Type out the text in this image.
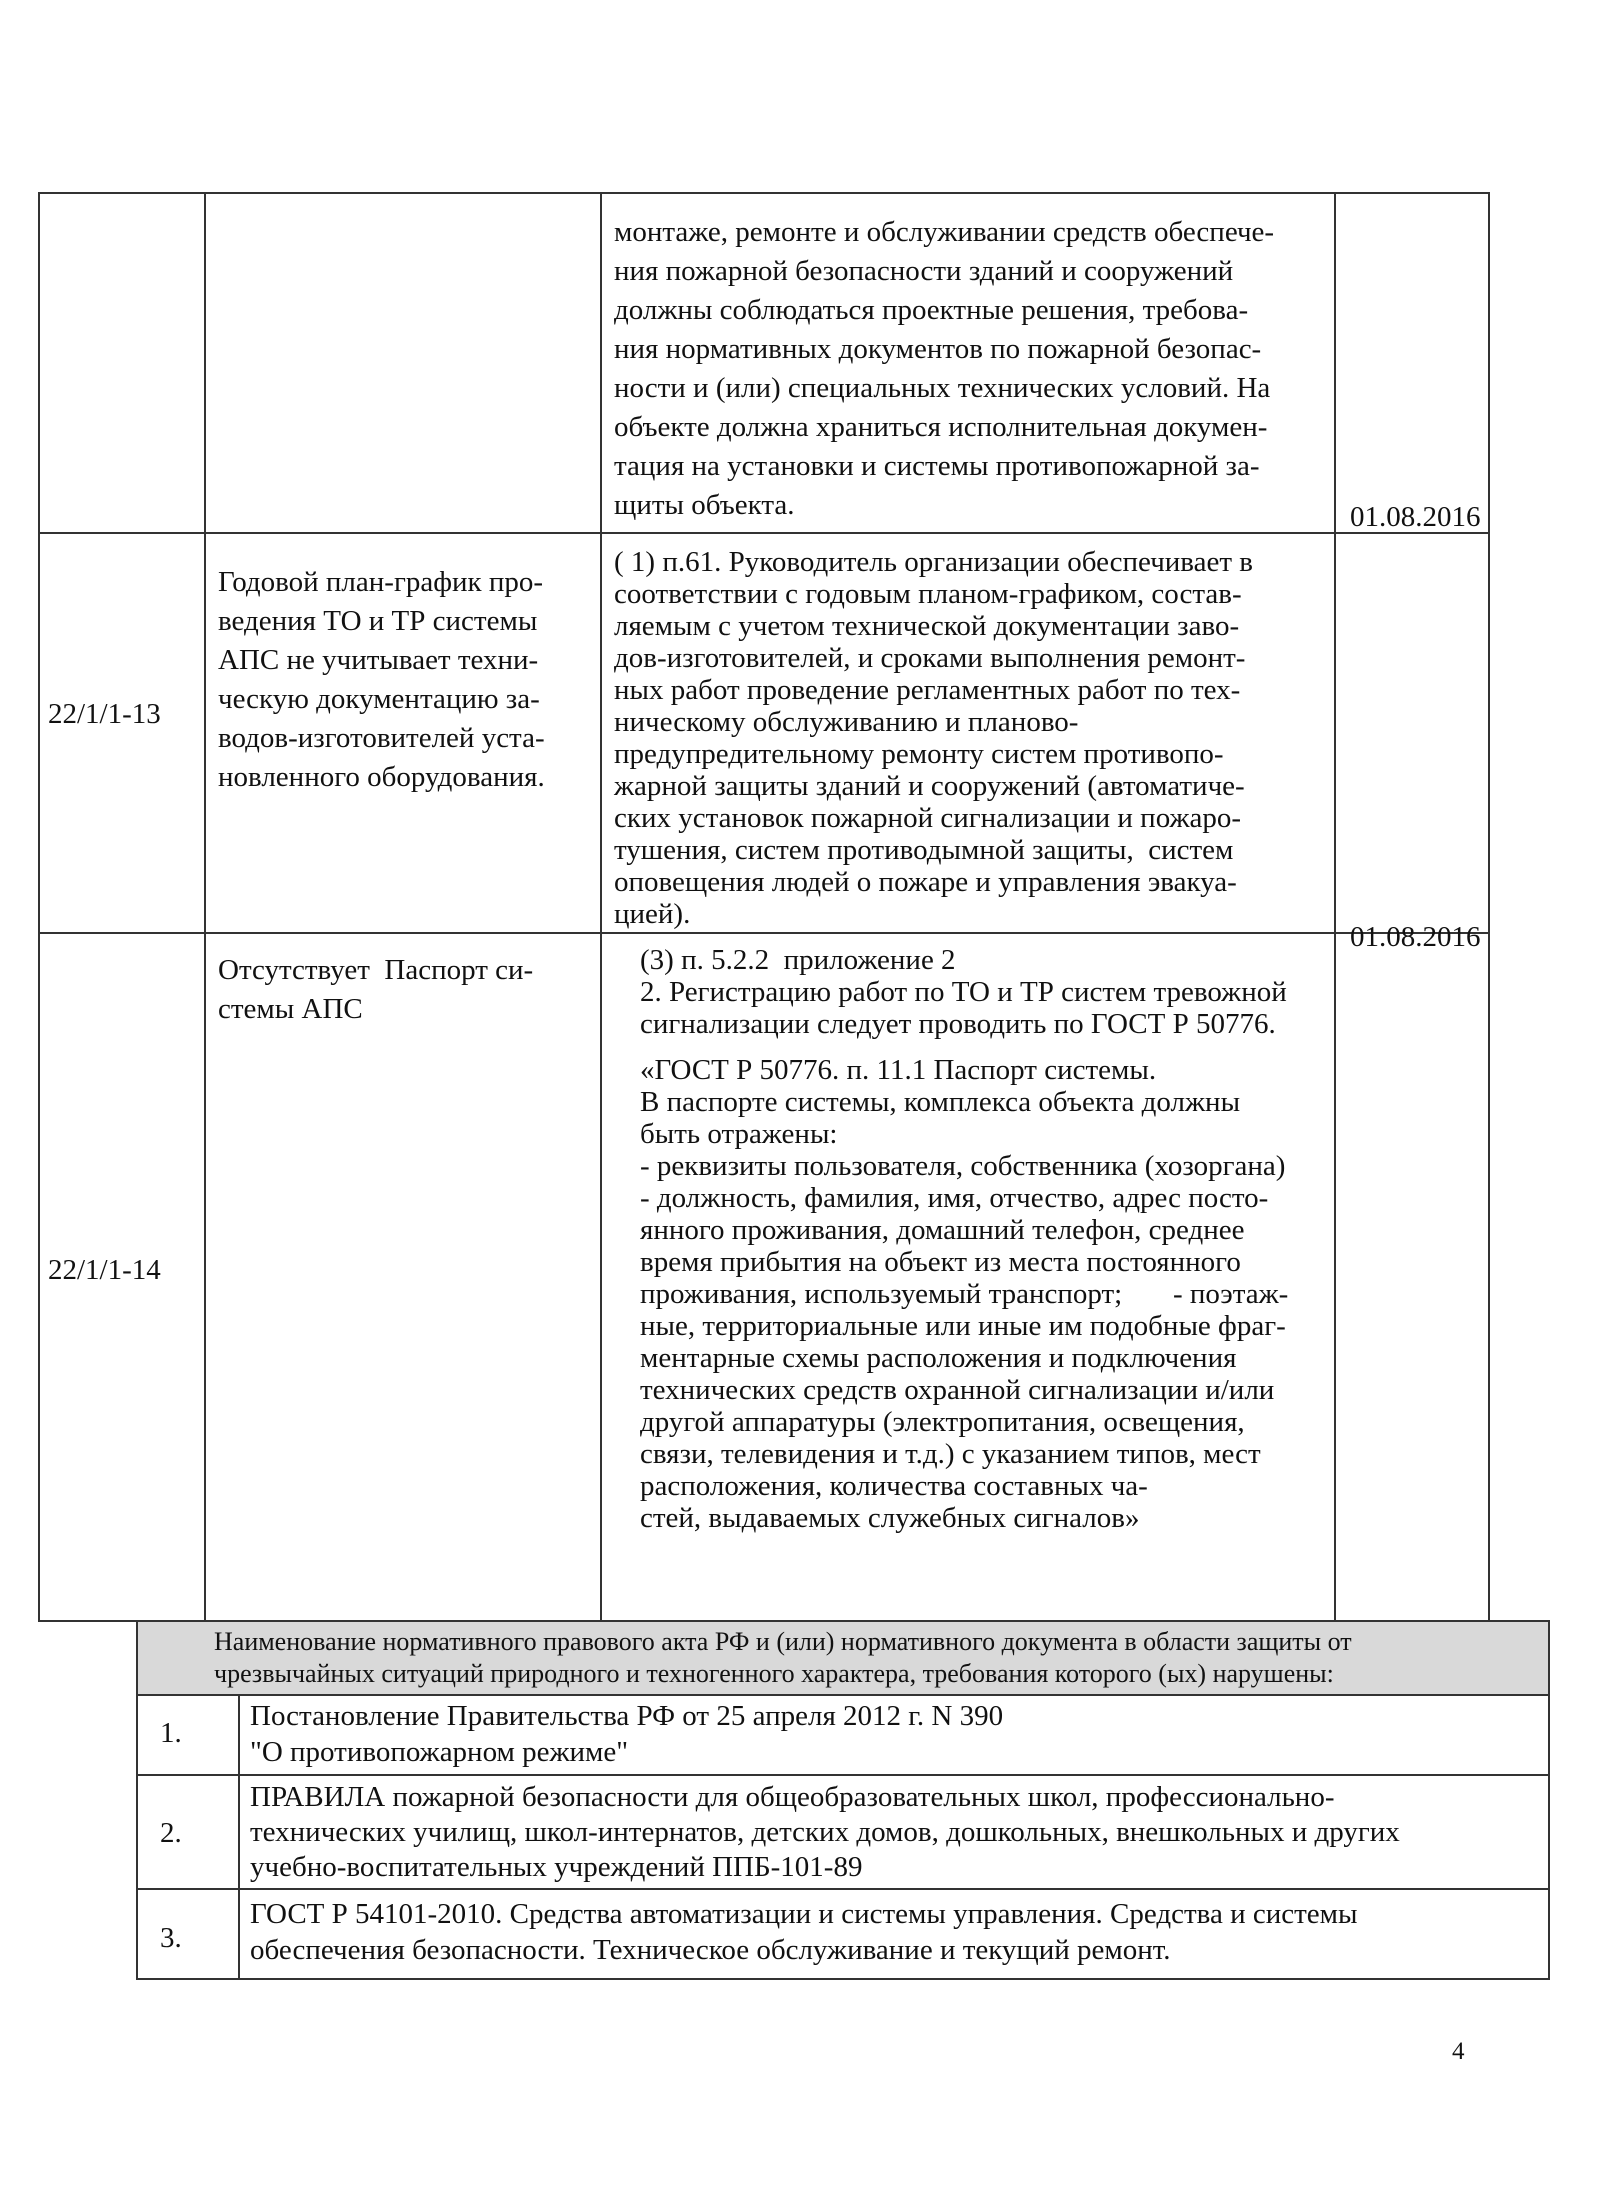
монтаже, ремонте и обслуживании средств обеспече-
ния пожарной безопасности зданий и сооружений
должны соблюдаться проектные решения, требова-
ния нормативных документов по пожарной безопас-
ности и (или) специальных технических условий. На
объекте должна храниться исполнительная докумен-
тация на установки и системы противопожарной за-
щиты объекта.
22/1/1-13
Годовой план-график про-
ведения ТО и ТР системы
АПС не учитывает техни-
ческую документацию за-
водов-изготовителей уста-
новленного оборудования.
( 1) п.61. Руководитель организации обеспечивает в
соответствии с годовым планом-графиком, состав-
ляемым с учетом технической документации заво-
дов-изготовителей, и сроками выполнения ремонт-
ных работ проведение регламентных работ по тех-
ническому обслуживанию и планово-
предупредительному ремонту систем противопо-
жарной защиты зданий и сооружений (автоматиче-
ских установок пожарной сигнализации и пожаро-
тушения, систем противодымной защиты,  систем
оповещения людей о пожаре и управления эвакуа-
цией).
01.08.2016
22/1/1-14
Отсутствует  Паспорт си-
стемы АПС
(3) п. 5.2.2  приложение 2
2. Регистрацию работ по ТО и ТР систем тревожной
сигнализации следует проводить по ГОСТ Р 50776.
«ГОСТ Р 50776. п. 11.1 Паспорт системы.
В паспорте системы, комплекса объекта должны
быть отражены:
- реквизиты пользователя, собственника (хозоргана)
- должность, фамилия, имя, отчество, адрес посто-
янного проживания, домашний телефон, среднее
время прибытия на объект из места постоянного
проживания, используемый транспорт;       - поэтаж-
ные, территориальные или иные им подобные фраг-
ментарные схемы расположения и подключения
технических средств охранной сигнализации и/или
другой аппаратуры (электропитания, освещения,
связи, телевидения и т.д.) с указанием типов, мест
расположения, количества составных ча-
стей, выдаваемых служебных сигналов»
01.08.2016
Наименование нормативного правового акта РФ и (или) нормативного документа в области защиты от
чрезвычайных ситуаций природного и техногенного характера, требования которого (ых) нарушены:
1.
Постановление Правительства РФ от 25 апреля 2012 г. N 390
"О противопожарном режиме"
2.
ПРАВИЛА пожарной безопасности для общеобразовательных школ, профессионально-
технических училищ, школ-интернатов, детских домов, дошкольных, внешкольных и других
учебно-воспитательных учреждений ППБ-101-89
3.
ГОСТ Р 54101-2010. Средства автоматизации и системы управления. Средства и системы
обеспечения безопасности. Техническое обслуживание и текущий ремонт.
4
